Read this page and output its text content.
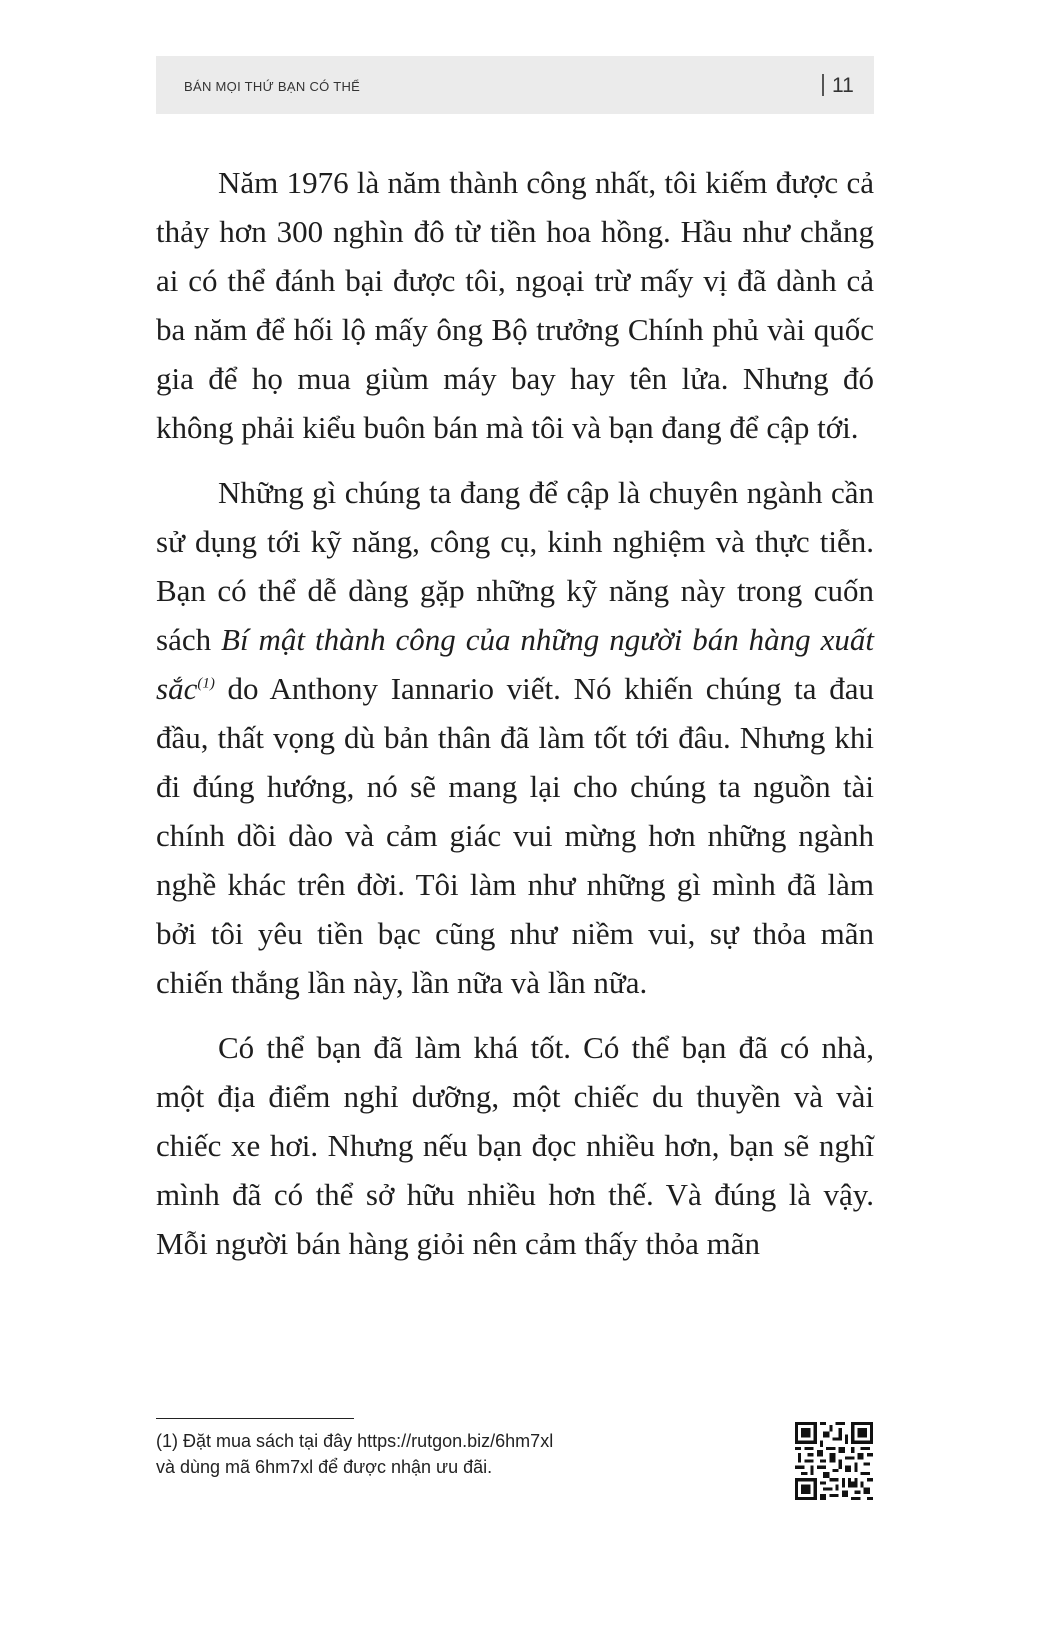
BÁN MỌI THỨ BẠN CÓ THỂ	11

Năm 1976 là năm thành công nhất, tôi kiếm được cả thảy hơn 300 nghìn đô từ tiền hoa hồng. Hầu như chẳng ai có thể đánh bại được tôi, ngoại trừ mấy vị đã dành cả ba năm để hối lộ mấy ông Bộ trưởng Chính phủ vài quốc gia để họ mua giùm máy bay hay tên lửa. Nhưng đó không phải kiểu buôn bán mà tôi và bạn đang để cập tới.

Những gì chúng ta đang để cập là chuyên ngành cần sử dụng tới kỹ năng, công cụ, kinh nghiệm và thực tiễn. Bạn có thể dễ dàng gặp những kỹ năng này trong cuốn sách Bí mật thành công của những người bán hàng xuất sắc$^{(1)}$ do Anthony Iannario viết. Nó khiến chúng ta đau đầu, thất vọng dù bản thân đã làm tốt tới đâu. Nhưng khi đi đúng hướng, nó sẽ mang lại cho chúng ta nguồn tài chính dồi dào và cảm giác vui mừng hơn những ngành nghề khác trên đời. Tôi làm như những gì mình đã làm bởi tôi yêu tiền bạc cũng như niềm vui, sự thỏa mãn chiến thắng lần này, lần nữa và lần nữa.

Có thể bạn đã làm khá tốt. Có thể bạn đã có nhà, một địa điểm nghỉ dưỡng, một chiếc du thuyền và vài chiếc xe hơi. Nhưng nếu bạn đọc nhiều hơn, bạn sẽ nghĩ mình đã có thể sở hữu nhiều hơn thế. Và đúng là vậy. Mỗi người bán hàng giỏi nên cảm thấy thỏa mãn

(1) Đặt mua sách tại đây https://rutgon.biz/6hm7xl
và dùng mã 6hm7xl để được nhận ưu đãi.
